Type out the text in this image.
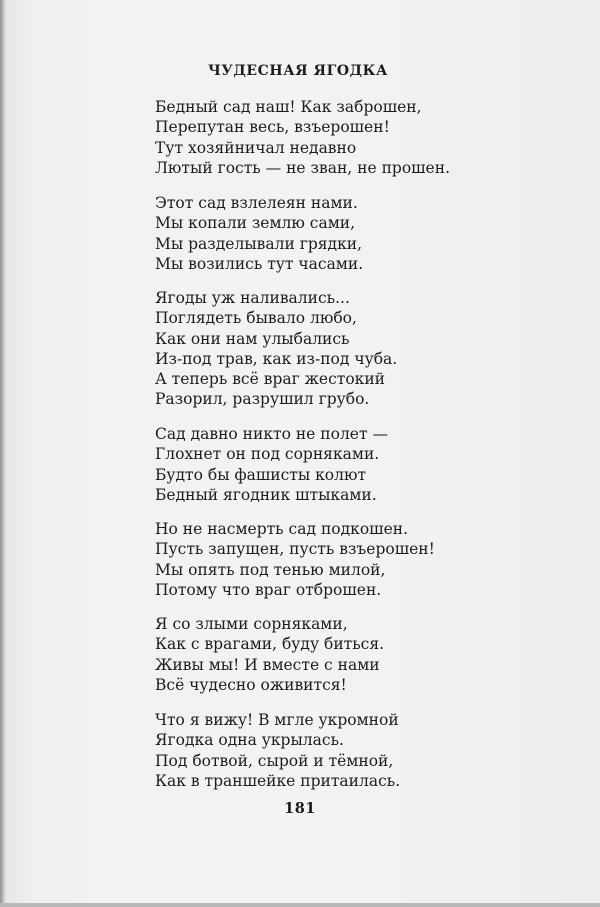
ЧУДЕСНАЯ ЯГОДКА
Бедный сад наш! Как заброшен,
Перепутан весь, взъерошен!
Тут хозяйничал недавно
Лютый гость — не зван, не прошен.
Этот сад взлелеян нами.
Мы копали землю сами,
Мы разделывали грядки,
Мы возились тут часами.
Ягоды уж наливались...
Поглядеть бывало любо,
Как они нам улыбались
Из-под трав, как из-под чуба.
А теперь всё враг жестокий
Разорил, разрушил грубо.
Сад давно никто не полет —
Глохнет он под сорняками.
Будто бы фашисты колют
Бедный ягодник штыками.
Но не насмерть сад подкошен.
Пусть запущен, пусть взъерошен!
Мы опять под тенью милой,
Потому что враг отброшен.
Я со злыми сорняками,
Как с врагами, буду биться.
Живы мы! И вместе с нами
Всё чудесно оживится!
Что я вижу! В мгле укромной
Ягодка одна укрылась.
Под ботвой, сырой и тёмной,
Как в траншейке притаилась.
181
